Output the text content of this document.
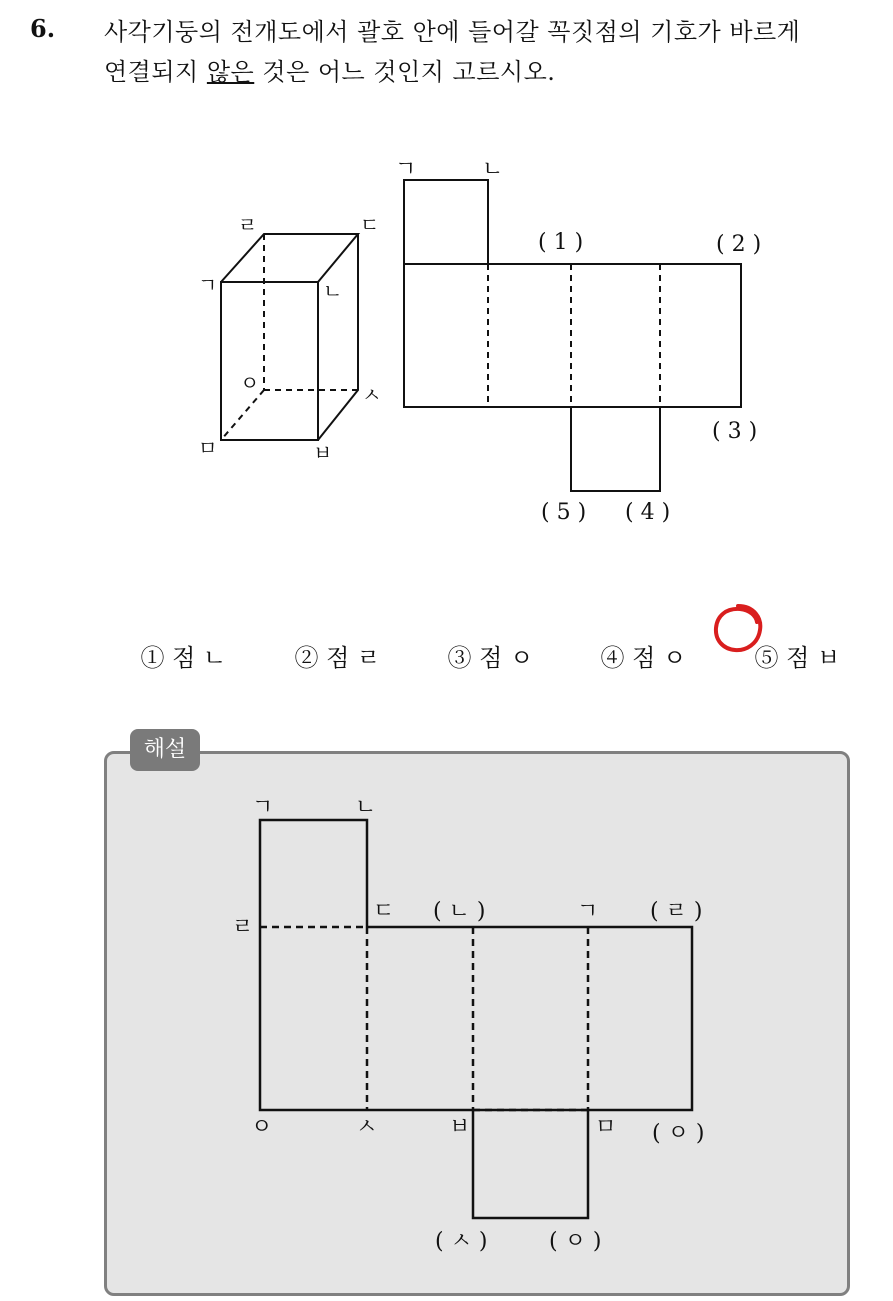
6. 사각기둥의 전개도에서 괄호 안에 들어갈 꼭짓점의 기호가 바르게
연결되지 않은 것은 어느 것인지 고르시오.
ㄹ	ㄷ
ㄱ	ㄴ
ㅇ	ㅅ
ㅁ	ㅂ
ㄱ	ㄴ
( 1 )	( 2 )
( 3 )
( 5 ) ( 4 )

① 점 ㄴ
	② 점 ㄹ
	③ 점 ㅇ
	④ 점 ㅇ
	⑤ 점 ㅂ

해설
ㄱ	ㄴ
ㄹ
ㄷ ( ㄴ )	ㄱ ( ㄹ )
ㅇ	ㅅ	ㅂ	ㅁ ( ㅇ )
( ㅅ )	( ㅇ )
